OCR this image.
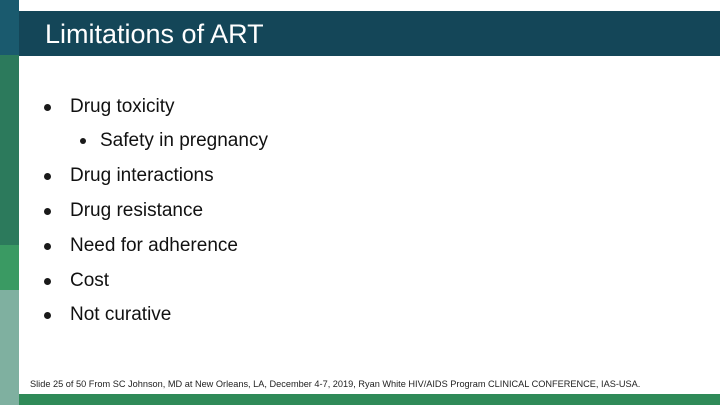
Limitations of ART
Drug toxicity
Safety in pregnancy
Drug interactions
Drug resistance
Need for adherence
Cost
Not curative
Slide 25 of 50 From SC Johnson, MD at New Orleans, LA, December 4-7, 2019, Ryan White HIV/AIDS Program CLINICAL CONFERENCE, IAS-USA.
